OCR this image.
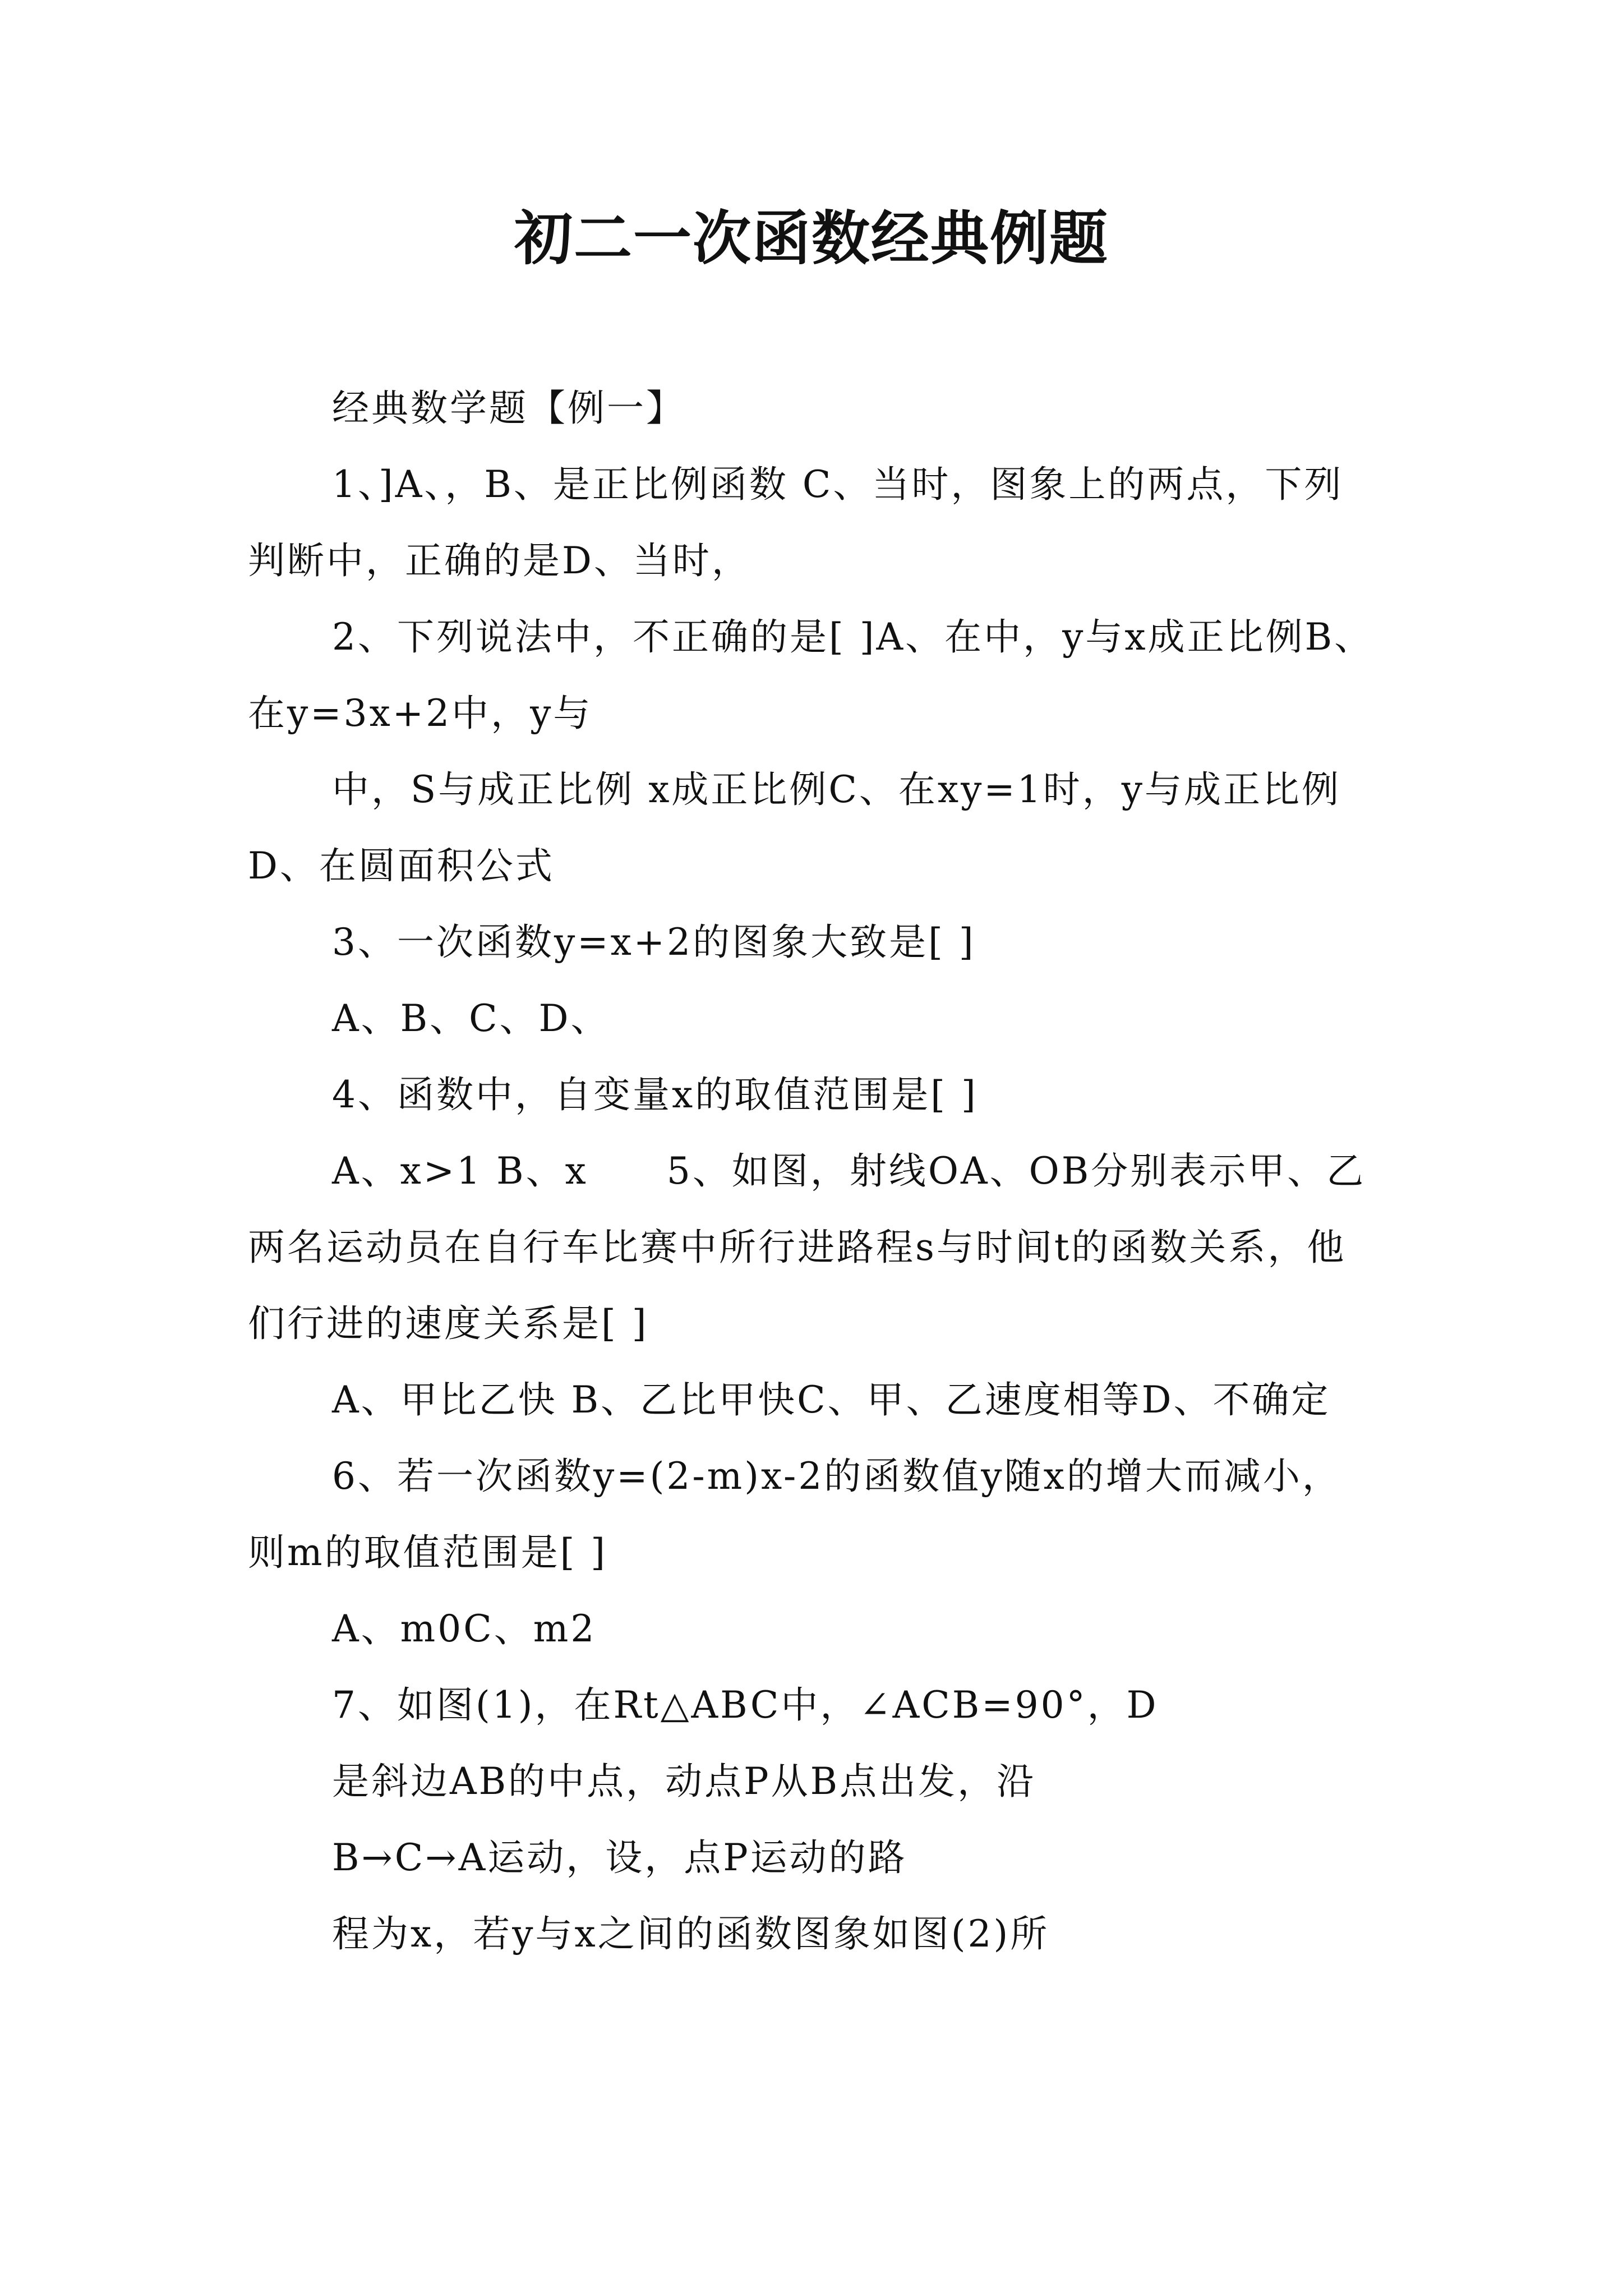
初二一次函数经典例题

经典数学题【例一】

1、]A、，B、是正比例函数 C、当时，图象上的两点，下列判断中，正确的是D、当时，

2、下列说法中，不正确的是[ ]A、在中，y与x成正比例B、在y=3x+2中，y与

中，S与成正比例 x成正比例C、在xy=1时，y与成正比例D、在圆面积公式

3、一次函数y=x+2的图象大致是[ ]

A、B、C、D、

4、函数中，自变量x的取值范围是[ ]

A、x>1 B、x　　5、如图，射线OA、OB分别表示甲、乙两名运动员在自行车比赛中所行进路程s与时间t的函数关系，他们行进的速度关系是[ ]

A、甲比乙快 B、乙比甲快C、甲、乙速度相等D、不确定

6、若一次函数y=(2-m)x-2的函数值y随x的增大而减小，则m的取值范围是[ ]

A、m0C、m2

7、如图(1)，在Rt△ABC中，∠ACB=90°，D

是斜边AB的中点，动点P从B点出发，沿

B→C→A运动，设，点P运动的路

程为x，若y与x之间的函数图象如图(2)所
